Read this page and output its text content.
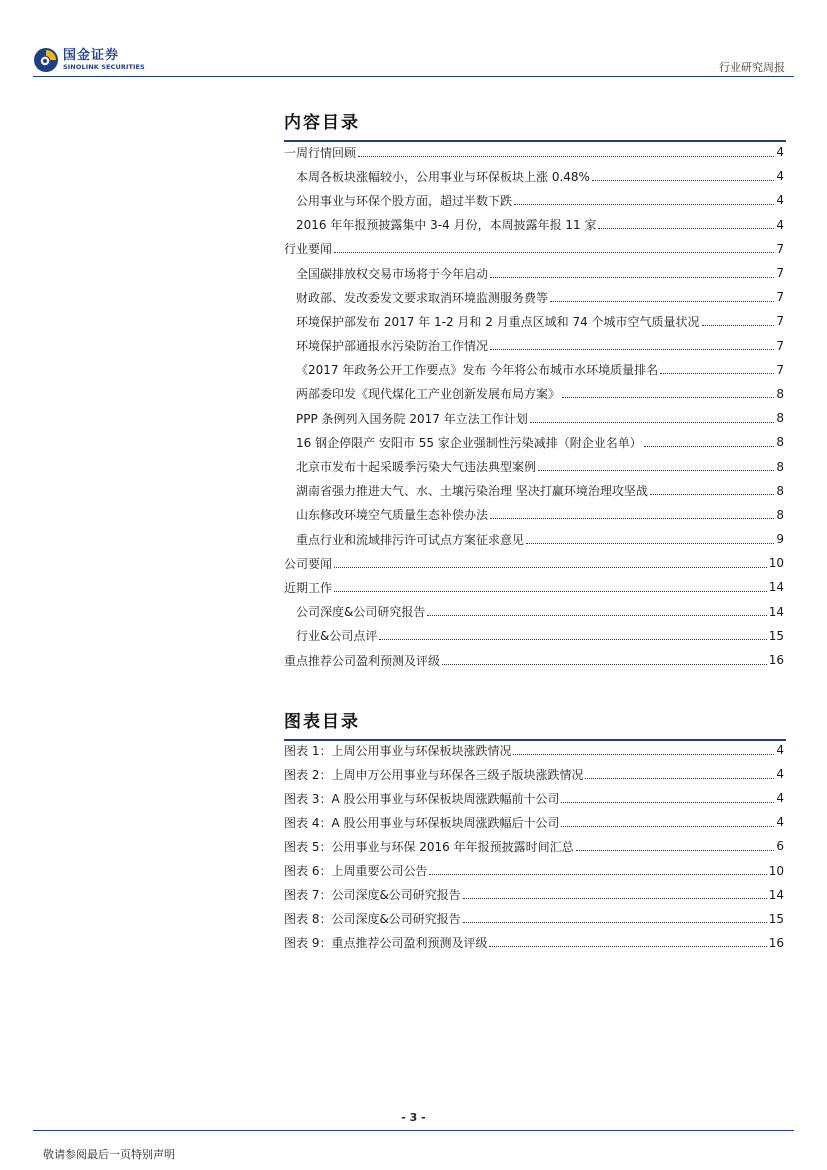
国金证券
SINOLINK SECURITIES	行业研究周报
内容目录
一周行情回顾	4
本周各板块涨幅较小，公用事业与环保板块上涨 0.48%	4
公用事业与环保个股方面，超过半数下跌	4
2016 年年报预披露集中 3-4 月份，本周披露年报 11 家	4
行业要闻	7
全国碳排放权交易市场将于今年启动	7
财政部、发改委发文要求取消环境监测服务费等	7
环境保护部发布 2017 年 1-2 月和 2 月重点区域和 74 个城市空气质量状况	7
环境保护部通报水污染防治工作情况	7
《2017 年政务公开工作要点》发布 今年将公布城市水环境质量排名	7
两部委印发《现代煤化工产业创新发展布局方案》	8
PPP 条例列入国务院 2017 年立法工作计划	8
16 钢企停限产 安阳市 55 家企业强制性污染减排（附企业名单）	8
北京市发布十起采暖季污染大气违法典型案例	8
湖南省强力推进大气、水、土壤污染治理 坚决打赢环境治理攻坚战	8
山东修改环境空气质量生态补偿办法	8
重点行业和流域排污许可试点方案征求意见	9
公司要闻	10
近期工作	14
公司深度&公司研究报告	14
行业&公司点评	15
重点推荐公司盈利预测及评级	16
图表目录
图表 1：上周公用事业与环保板块涨跌情况	4
图表 2：上周申万公用事业与环保各三级子版块涨跌情况	4
图表 3：A 股公用事业与环保板块周涨跌幅前十公司	4
图表 4：A 股公用事业与环保板块周涨跌幅后十公司	4
图表 5：公用事业与环保 2016 年年报预披露时间汇总	6
图表 6：上周重要公司公告	10
图表 7：公司深度&公司研究报告	14
图表 8：公司深度&公司研究报告	15
图表 9：重点推荐公司盈利预测及评级	16
- 3 -
敬请参阅最后一页特别声明
